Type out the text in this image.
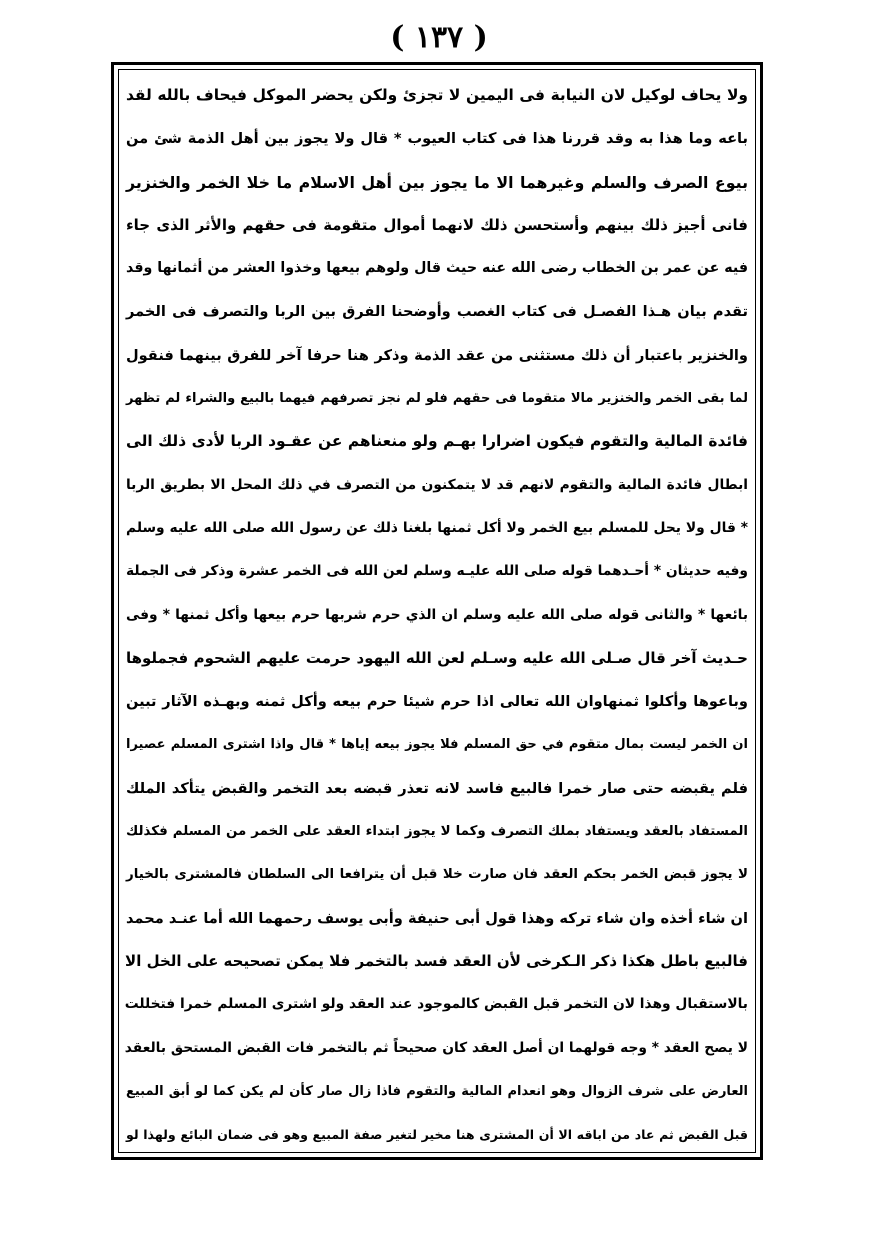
( ١٣٧ )
ولا يحاف لوكيل لان النيابة فى اليمين لا تجزئ ولكن يحضر الموكل فيحاف بالله لقد
باعه وما هذا به وقد قررنا هذا فى كتاب العيوب * قال ولا يجوز بين أهل الذمة شئ من
بيوع الصرف والسلم وغيرهما الا ما يجوز بين أهل الاسلام ما خلا الخمر والخنزير
فانى أجيز ذلك بينهم وأستحسن ذلك لانهما أموال متقومة فى حقهم والأثر الذى جاء
فيه عن عمر بن الخطاب رضى الله عنه حيث قال ولوهم بيعها وخذوا العشر من أثمانها وقد
تقدم بيان هـذا الفصـل فى كتاب الغصب وأوضحنا الفرق بين الربا والتصرف فى الخمر
والخنزير باعتبار أن ذلك مستثنى من عقد الذمة وذكر هنا حرفا آخر للفرق بينهما فنقول
لما بقى الخمر والخنزير مالا متقوما فى حقهم فلو لم نجز تصرفهم فيهما بالبيع والشراء لم تظهر
فائدة المالية والتقوم فيكون اضرارا بهـم ولو منعناهم عن عقـود الربا لأدى ذلك الى
ابطال فائدة المالية والتقوم لانهم قد لا يتمكنون من التصرف في ذلك المحل الا بطريق الربا
* قال ولا يحل للمسلم بيع الخمر ولا أكل ثمنها بلغنا ذلك عن رسول الله صلى الله عليه وسلم
وفيه حديثان * أحـدهما قوله صلى الله عليـه وسلم لعن الله فى الخمر عشرة وذكر فى الجملة
بائعها * والثانى قوله صلى الله عليه وسلم ان الذي حرم شربها حرم بيعها وأكل ثمنها * وفى
حـديث آخر قال صـلى الله عليه وسـلم لعن الله اليهود حرمت عليهم الشحوم فجملوها
وباعوها وأكلوا ثمنهاوان الله تعالى اذا حرم شيئا حرم بيعه وأكل ثمنه وبهـذه الآثار تبين
ان الخمر ليست بمال متقوم في حق المسلم فلا يجوز بيعه إياها * قال واذا اشترى المسلم عصيرا
فلم يقبضه حتى صار خمرا فالبيع فاسد لانه تعذر قبضه بعد التخمر والقبض يتأكد الملك
المستفاد بالعقد ويستفاد بملك التصرف وكما لا يجوز ابتداء العقد على الخمر من المسلم فكذلك
لا يجوز قبض الخمر بحكم العقد فان صارت خلا قبل أن يترافعا الى السلطان فالمشترى بالخيار
ان شاء أخذه وان شاء تركه وهذا قول أبى حنيفة وأبى يوسف رحمهما الله أما عنـد محمد
فالبيع باطل هكذا ذكر الـكرخى لأن العقد فسد بالتخمر فلا يمكن تصحيحه على الخل الا
بالاستقبال وهذا لان التخمر قبل القبض كالموجود عند العقد ولو اشترى المسلم خمرا فتخللت
لا يصح العقد * وجه قولهما ان أصل العقد كان صحيحاً ثم بالتخمر فات القبض المستحق بالعقد
العارض على شرف الزوال وهو انعدام المالية والتقوم فاذا زال صار كأن لم يكن كما لو أبق المبيع
قبل القبض ثم عاد من اباقه الا أن المشترى هنا مخير لتغير صفة المبيع وهو فى ضمان البائع ولهذا لو
